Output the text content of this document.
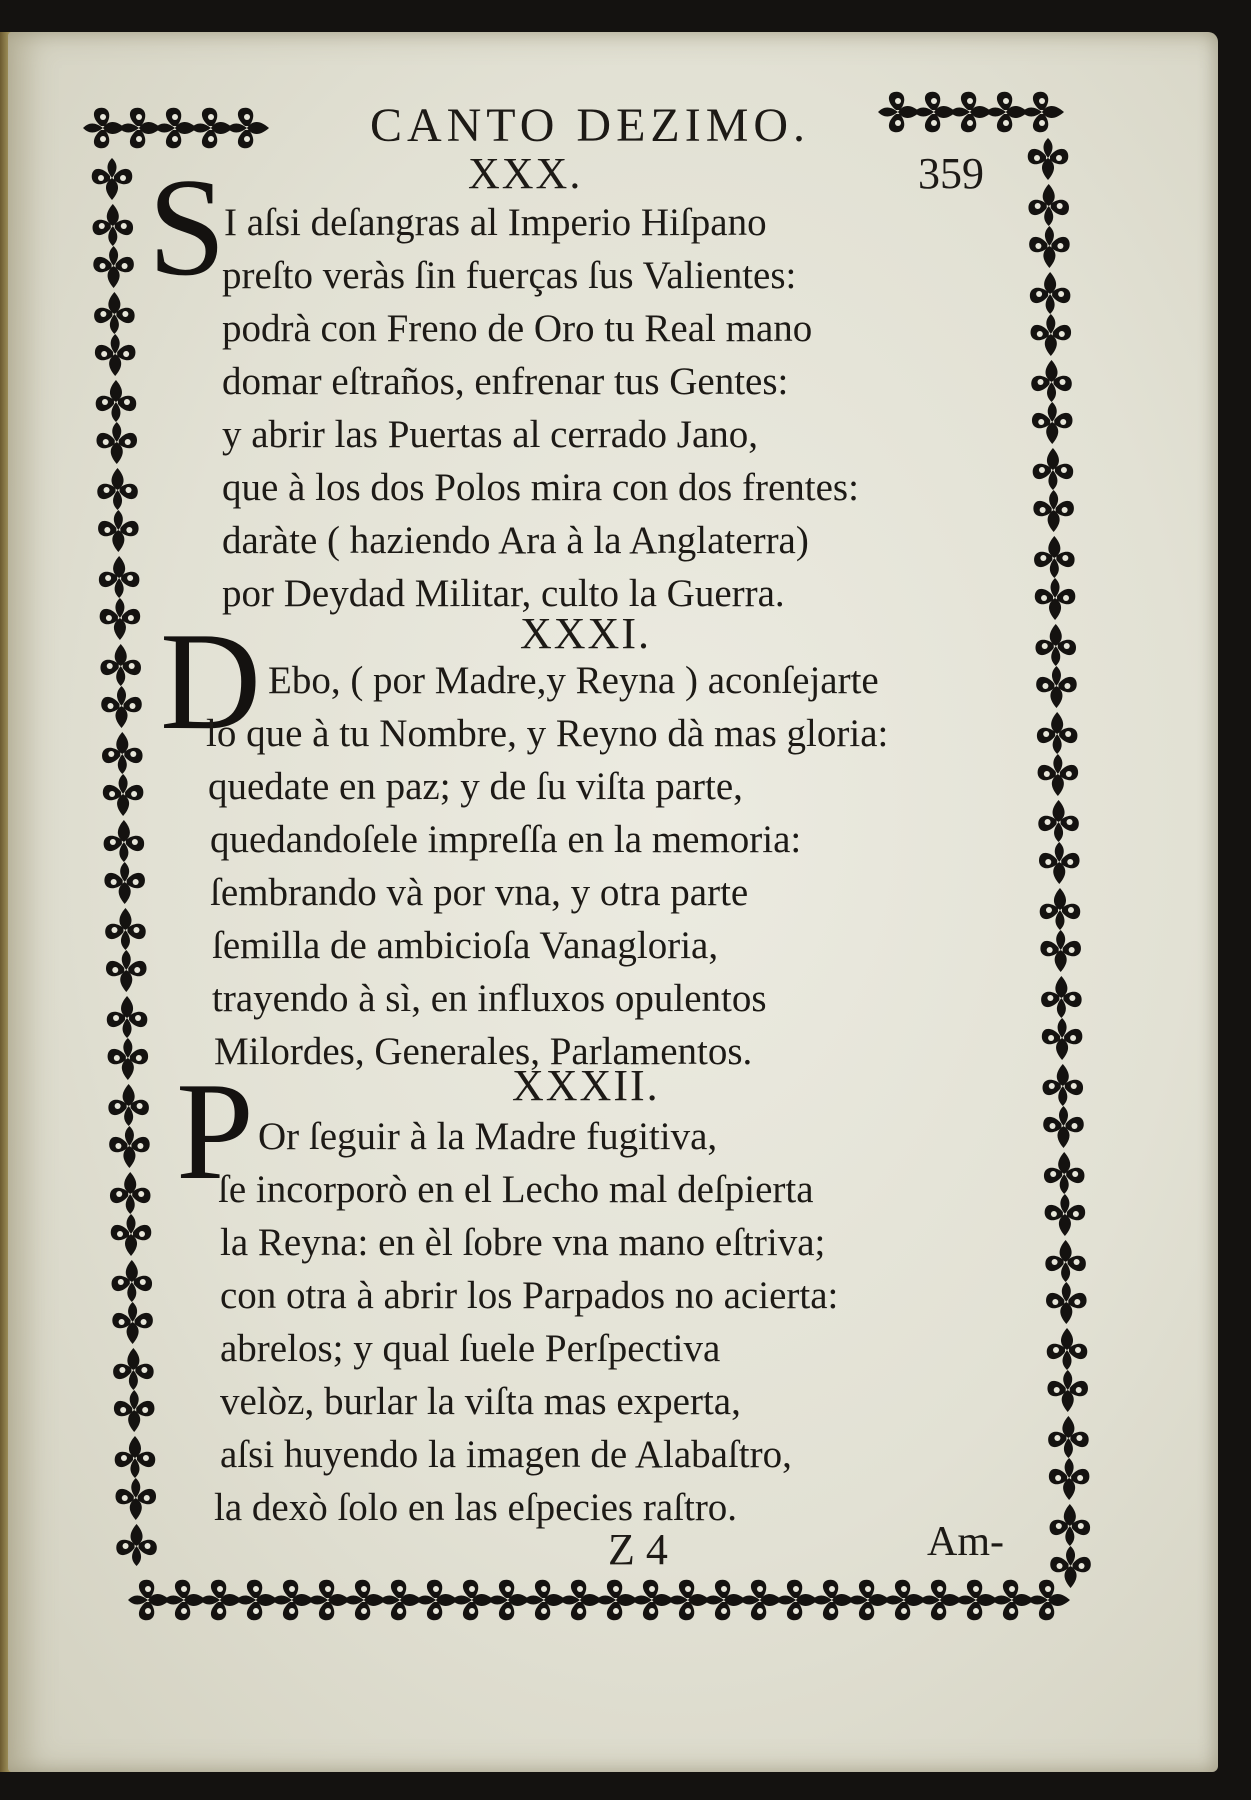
CANTO DEZIMO.
359
XXX.
S
I aſsi deſangras al Imperio Hiſpano
preſto veràs ſin fuerças ſus Valientes:
podrà con Freno de Oro tu Real mano
domar eſtraños, enfrenar tus Gentes:
y abrir las Puertas al cerrado Jano,
que à los dos Polos mira con dos frentes:
daràte ( haziendo Ara à la Anglaterra)
por Deydad Militar, culto la Guerra.
XXXI.
D Ebo, ( por Madre,y Reyna ) aconſejarte
lo que à tu Nombre, y Reyno dà mas gloria:
quedate en paz; y de ſu viſta parte,
quedandoſele impreſſa en la memoria:
ſembrando và por vna, y otra parte
ſemilla de ambicioſa Vanagloria,
trayendo à sì, en influxos opulentos
Milordes, Generales, Parlamentos.
XXXII.
P Or ſeguir à la Madre fugitiva,
ſe incorporò en el Lecho mal deſpierta
la Reyna: en èl ſobre vna mano eſtriva;
con otra à abrir los Parpados no acierta:
abrelos; y qual ſuele Perſpectiva
velòz, burlar la viſta mas experta,
aſsi huyendo la imagen de Alabaſtro,
la dexò ſolo en las eſpecies raſtro.
Z 4	Am-
